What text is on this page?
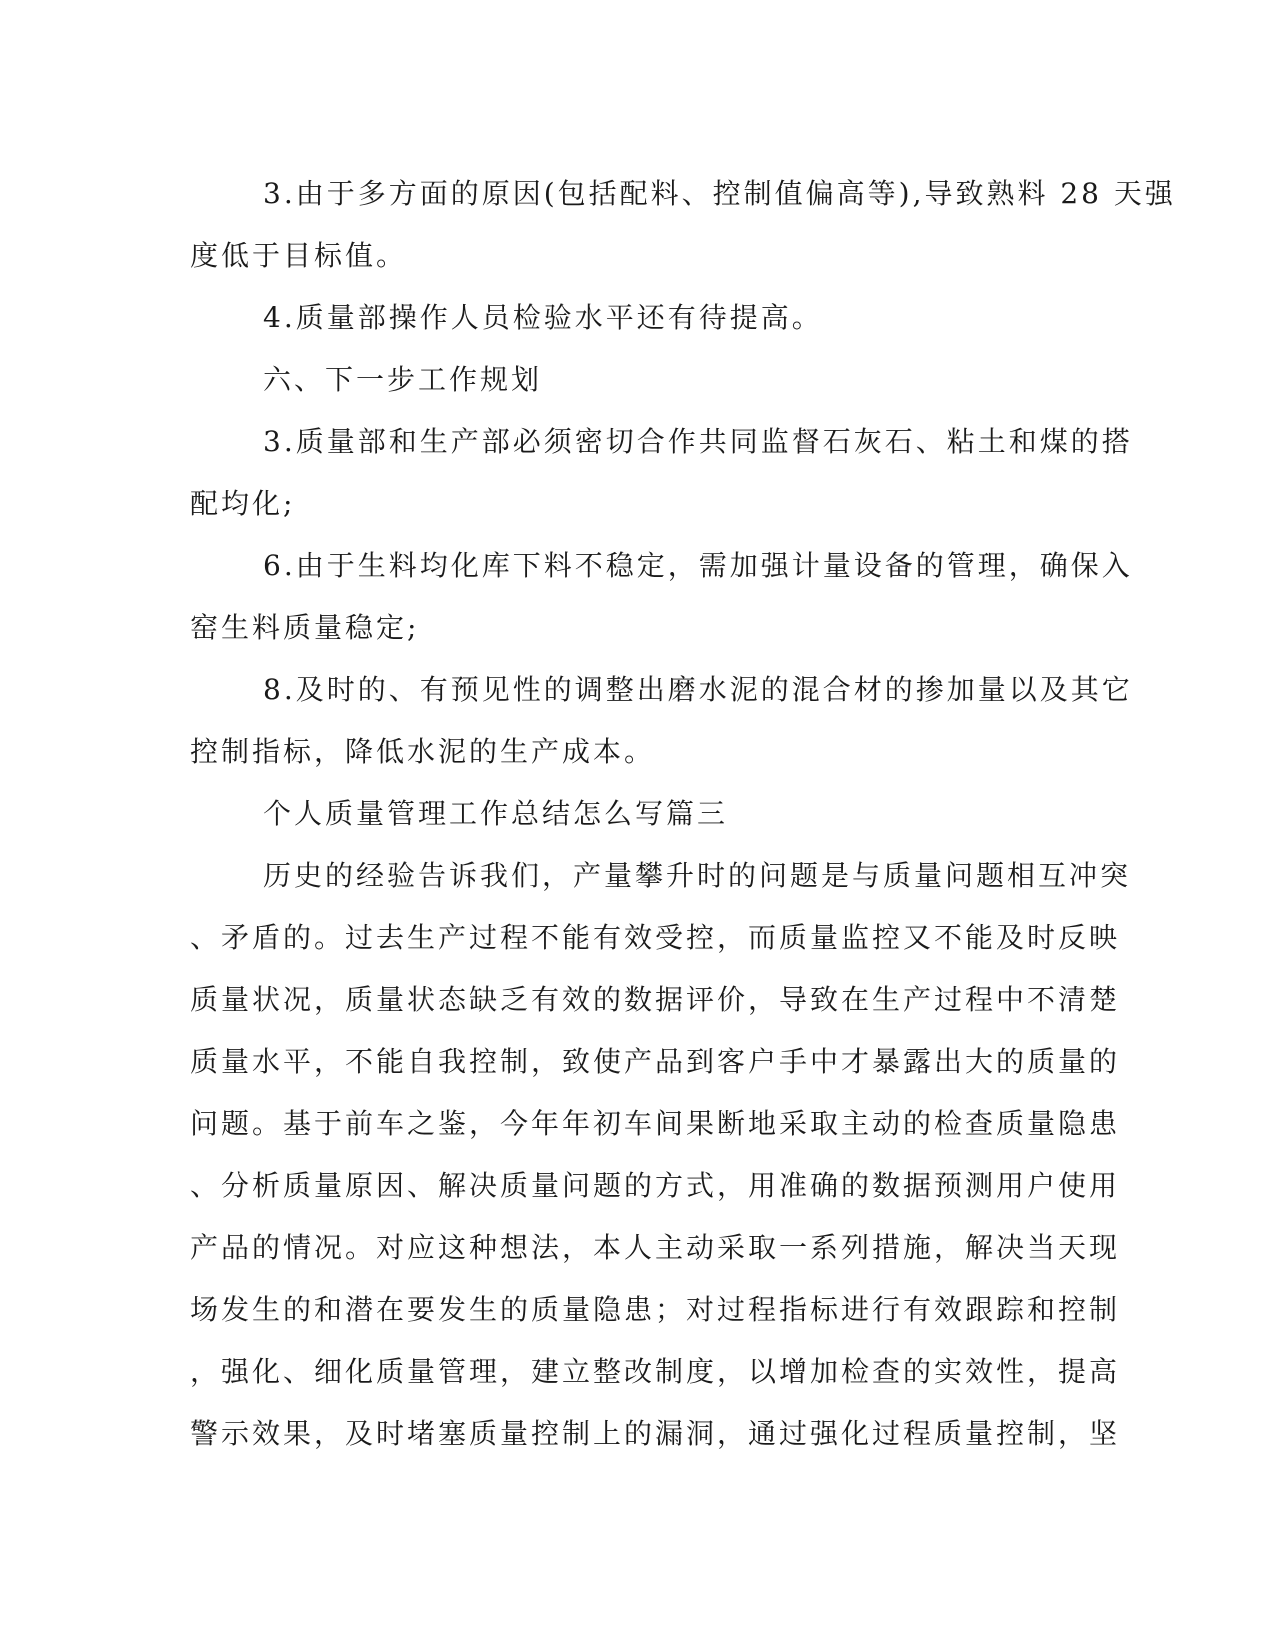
3.由于多方面的原因(包括配料、控制值偏高等),导致熟料 28 天强
度低于目标值。
4.质量部操作人员检验水平还有待提高。
六、下一步工作规划
3.质量部和生产部必须密切合作共同监督石灰石、粘土和煤的搭
配均化;
6.由于生料均化库下料不稳定，需加强计量设备的管理，确保入
窑生料质量稳定;
8.及时的、有预见性的调整出磨水泥的混合材的掺加量以及其它
控制指标，降低水泥的生产成本。
个人质量管理工作总结怎么写篇三
历史的经验告诉我们，产量攀升时的问题是与质量问题相互冲突
、矛盾的。过去生产过程不能有效受控，而质量监控又不能及时反映
质量状况，质量状态缺乏有效的数据评价，导致在生产过程中不清楚
质量水平，不能自我控制，致使产品到客户手中才暴露出大的质量的
问题。基于前车之鉴，今年年初车间果断地采取主动的检查质量隐患
、分析质量原因、解决质量问题的方式，用准确的数据预测用户使用
产品的情况。对应这种想法，本人主动采取一系列措施，解决当天现
场发生的和潜在要发生的质量隐患；对过程指标进行有效跟踪和控制
，强化、细化质量管理，建立整改制度，以增加检查的实效性，提高
警示效果，及时堵塞质量控制上的漏洞，通过强化过程质量控制，坚
